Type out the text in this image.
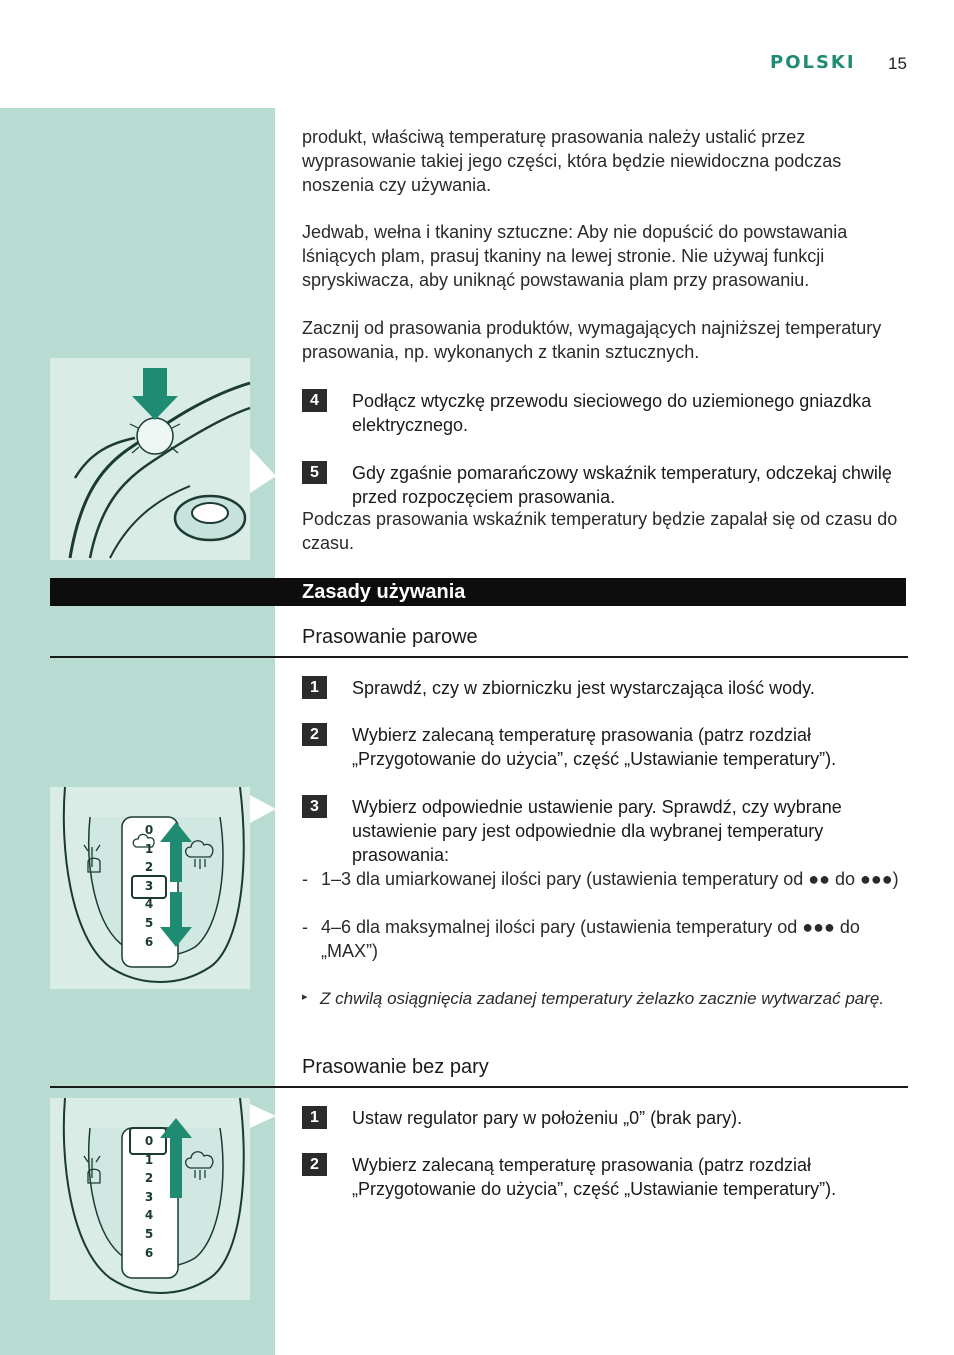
POLSKI 15

produkt, właściwą temperaturę prasowania należy ustalić przez wyprasowanie takiej jego części, która będzie niewidoczna podczas noszenia czy używania.

Jedwab, wełna i tkaniny sztuczne: Aby nie dopuścić do powstawania lśniących plam, prasuj tkaniny na lewej stronie. Nie używaj funkcji spryskiwacza, aby uniknąć powstawania plam przy prasowaniu.

Zacznij od prasowania produktów, wymagających najniższej temperatury prasowania, np. wykonanych z tkanin sztucznych.

4	Podłącz wtyczkę przewodu sieciowego do uziemionego gniazdka elektrycznego.
5	Gdy zgaśnie pomarańczowy wskaźnik temperatury, odczekaj chwilę przed rozpoczęciem prasowania.

Podczas prasowania wskaźnik temperatury będzie zapalał się od czasu do czasu.

Zasady używania
Prasowanie parowe
1	Sprawdź, czy w zbiorniczku jest wystarczająca ilość wody.
2	Wybierz zalecaną temperaturę prasowania (patrz rozdział „Przygotowanie do użycia”, część „Ustawianie temperatury”).
3	Wybierz odpowiednie ustawienie pary. Sprawdź, czy wybrane ustawienie pary jest odpowiednie dla wybranej temperatury prasowania:
- 1–3 dla umiarkowanej ilości pary (ustawienia temperatury od ●● do ●●●)
- 4–6 dla maksymalnej ilości pary (ustawienia temperatury od ●●● do „MAX”)
▸ Z chwilą osiągnięcia zadanej temperatury żelazko zacznie wytwarzać parę.

0
1
2
3
4
5
6
Prasowanie bez pary
1	Ustaw regulator pary w położeniu „0” (brak pary).
2	Wybierz zalecaną temperaturę prasowania (patrz rozdział „Przygotowanie do użycia”, część „Ustawianie temperatury”).
0
1
2
3
4
5
6
